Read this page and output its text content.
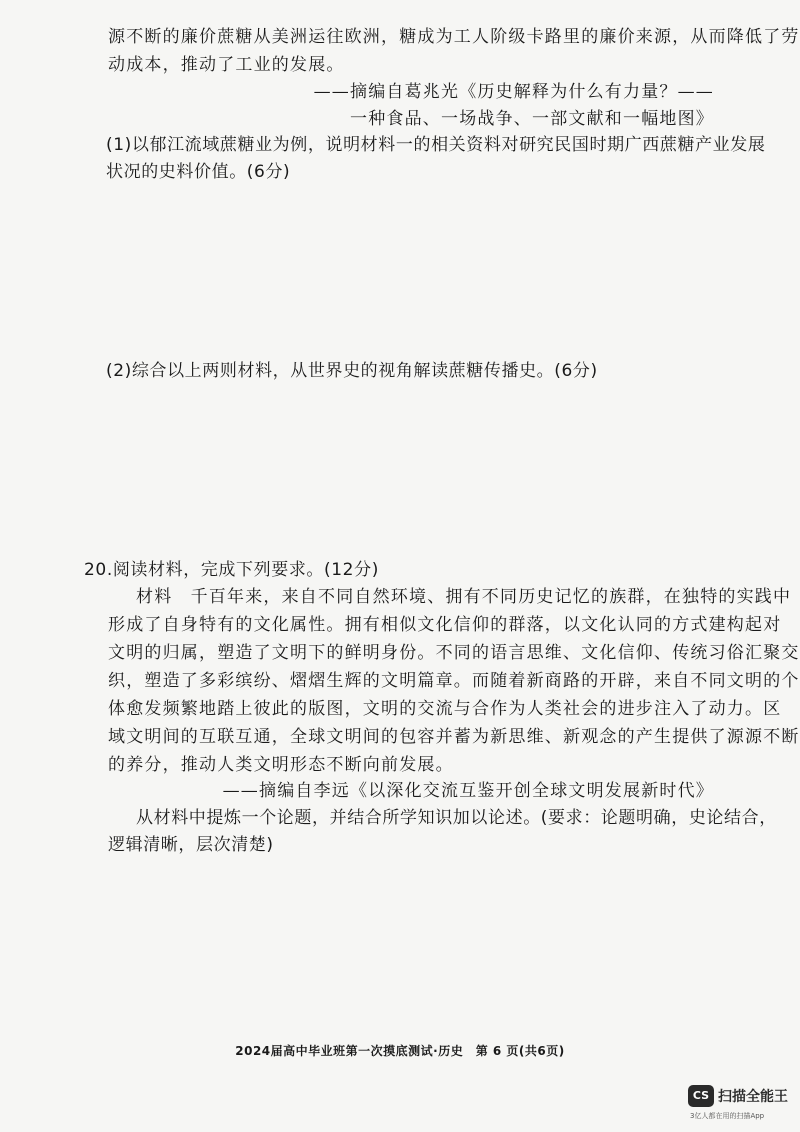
源不断的廉价蔗糖从美洲运往欧洲，糖成为工人阶级卡路里的廉价来源，从而降低了劳
动成本，推动了工业的发展。
——摘编自葛兆光《历史解释为什么有力量？——
一种食品、一场战争、一部文献和一幅地图》
(1)以郁江流域蔗糖业为例，说明材料一的相关资料对研究民国时期广西蔗糖产业发展
状况的史料价值。(6分)
(2)综合以上两则材料，从世界史的视角解读蔗糖传播史。(6分)
20.阅读材料，完成下列要求。(12分)
材料　千百年来，来自不同自然环境、拥有不同历史记忆的族群，在独特的实践中
形成了自身特有的文化属性。拥有相似文化信仰的群落，以文化认同的方式建构起对
文明的归属，塑造了文明下的鲜明身份。不同的语言思维、文化信仰、传统习俗汇聚交
织，塑造了多彩缤纷、熠熠生辉的文明篇章。而随着新商路的开辟，来自不同文明的个
体愈发频繁地踏上彼此的版图，文明的交流与合作为人类社会的进步注入了动力。区
域文明间的互联互通，全球文明间的包容并蓄为新思维、新观念的产生提供了源源不断
的养分，推动人类文明形态不断向前发展。
——摘编自李远《以深化交流互鉴开创全球文明发展新时代》
从材料中提炼一个论题，并结合所学知识加以论述。(要求：论题明确，史论结合，
逻辑清晰，层次清楚)
2024届高中毕业班第一次摸底测试·历史　第 6 页(共6页)
CS 扫描全能王
3亿人都在用的扫描App
